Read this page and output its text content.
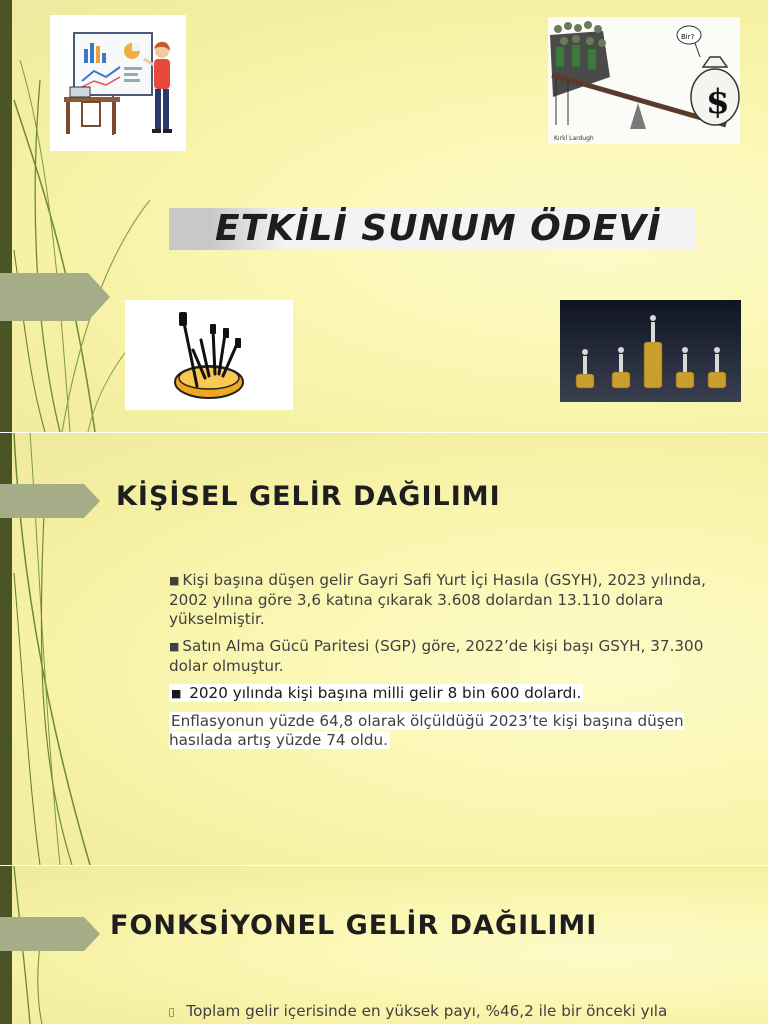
$
Bir?
Kırkl Lardugh
ETKİLİ SUNUM ÖDEVİ
KİŞİSEL GELİR DAĞILIMI
■ Kişi başına düşen gelir Gayri Safi Yurt İçi Hasıla (GSYH), 2023 yılında, 2002 yılına göre 3,6 katına çıkarak 3.608 dolardan 13.110 dolara yükselmiştir.
■ Satın Alma Gücü Paritesi (SGP) göre, 2022’de kişi başı GSYH, 37.300 dolar olmuştur.
■ 2020 yılında kişi başına milli gelir 8 bin 600 dolardı.
Enflasyonun yüzde 64,8 olarak ölçüldüğü 2023’te kişi başına düşen hasılada artış yüzde 74 oldu.
FONKSİYONEL GELİR DAĞILIMI
Toplam gelir içerisinde en yüksek payı, %46,2 ile bir önceki yıla
